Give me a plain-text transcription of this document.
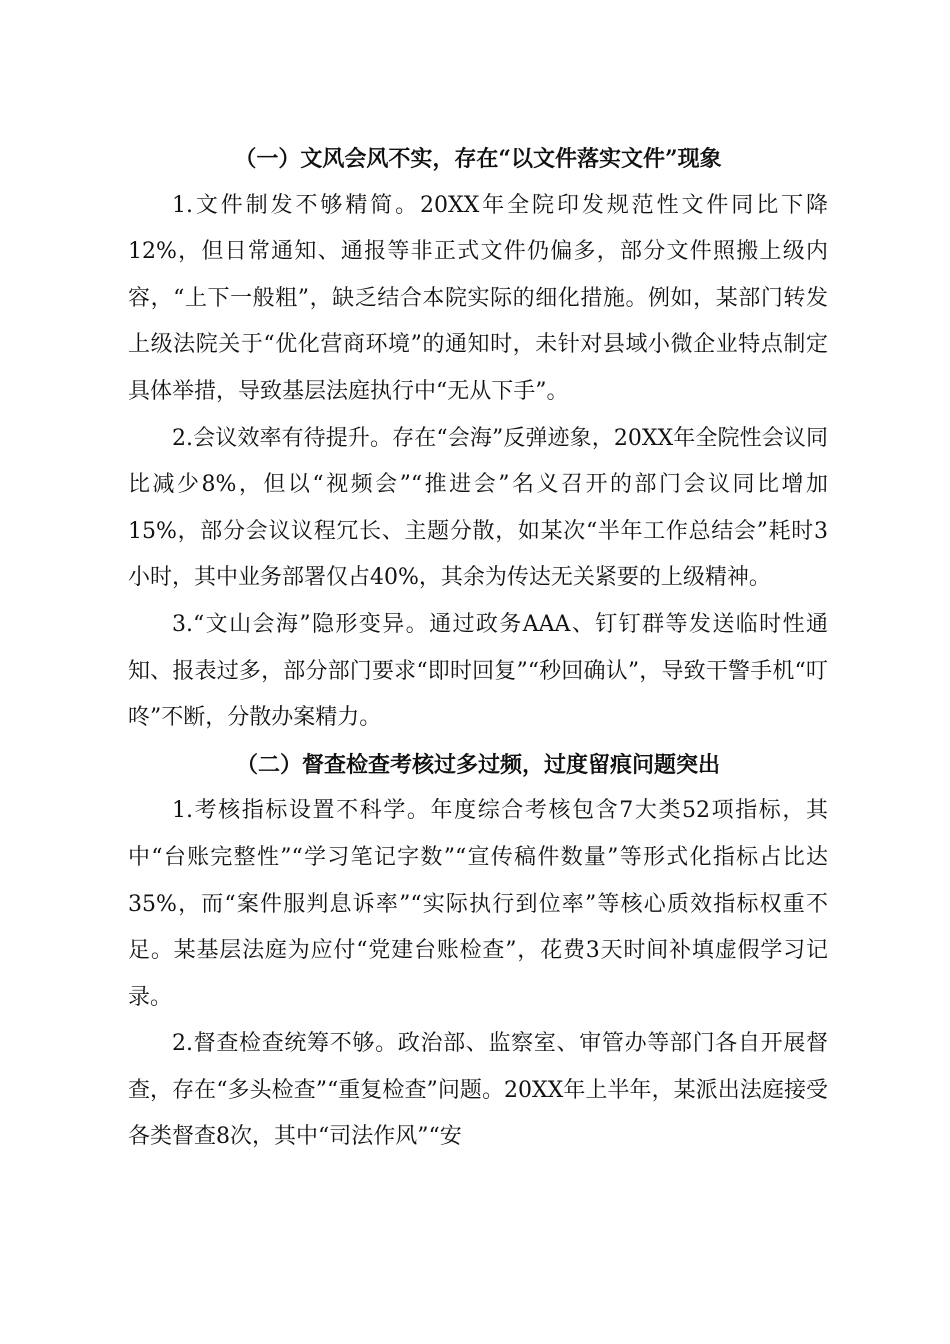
（一）文风会风不实，存在“以文件落实文件”现象

1.文件制发不够精简。20XX年全院印发规范性文件同比下降12%，但日常通知、通报等非正式文件仍偏多，部分文件照搬上级内容，“上下一般粗”，缺乏结合本院实际的细化措施。例如，某部门转发上级法院关于“优化营商环境”的通知时，未针对县域小微企业特点制定具体举措，导致基层法庭执行中“无从下手”。

2.会议效率有待提升。存在“会海”反弹迹象，20XX年全院性会议同比减少8%，但以“视频会”“推进会”名义召开的部门会议同比增加15%，部分会议议程冗长、主题分散，如某次“半年工作总结会”耗时3小时，其中业务部署仅占40%，其余为传达无关紧要的上级精神。

3.“文山会海”隐形变异。通过政务AAA、钉钉群等发送临时性通知、报表过多，部分部门要求“即时回复”“秒回确认”，导致干警手机“叮咚”不断，分散办案精力。

（二）督查检查考核过多过频，过度留痕问题突出

1.考核指标设置不科学。年度综合考核包含7大类52项指标，其中“台账完整性”“学习笔记字数”“宣传稿件数量”等形式化指标占比达35%，而“案件服判息诉率”“实际执行到位率”等核心质效指标权重不足。某基层法庭为应付“党建台账检查”，花费3天时间补填虚假学习记录。

2.督查检查统筹不够。政治部、监察室、审管办等部门各自开展督查，存在“多头检查”“重复检查”问题。20XX年上半年，某派出法庭接受各类督查8次，其中“司法作风”“安
